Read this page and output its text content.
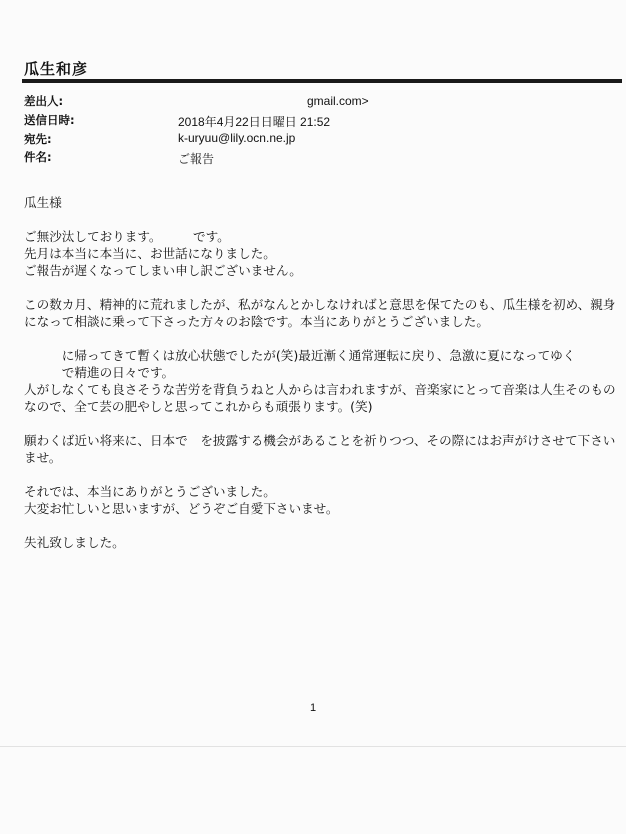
瓜生和彦
差出人:	gmail.com>
送信日時:	2018年4月22日日曜日 21:52
宛先:	k-uryuu@lily.ocn.ne.jp
件名:	ご報告

瓜生様

ご無沙汰しております。　　　です。

先月は本当に本当に、お世話になりました。

ご報告が遅くなってしまい申し訳ございません。

この数カ月、精神的に荒れましたが、私がなんとかしなければと意思を保てたのも、瓜生様を初め、親身

になって相談に乗って下さった方々のお陰です。本当にありがとうございました。

　　　に帰ってきて暫くは放心状態でしたが(笑)最近漸く通常運転に戻り、急激に夏になってゆく

　　　で精進の日々です。

人がしなくても良さそうな苦労を背負うねと人からは言われますが、音楽家にとって音楽は人生そのもの

なので、全て芸の肥やしと思ってこれからも頑張ります。(笑)

願わくば近い将来に、日本で　を披露する機会があることを祈りつつ、その際にはお声がけさせて下さい

ませ。

それでは、本当にありがとうございました。

大変お忙しいと思いますが、どうぞご自愛下さいませ。

失礼致しました。

1
